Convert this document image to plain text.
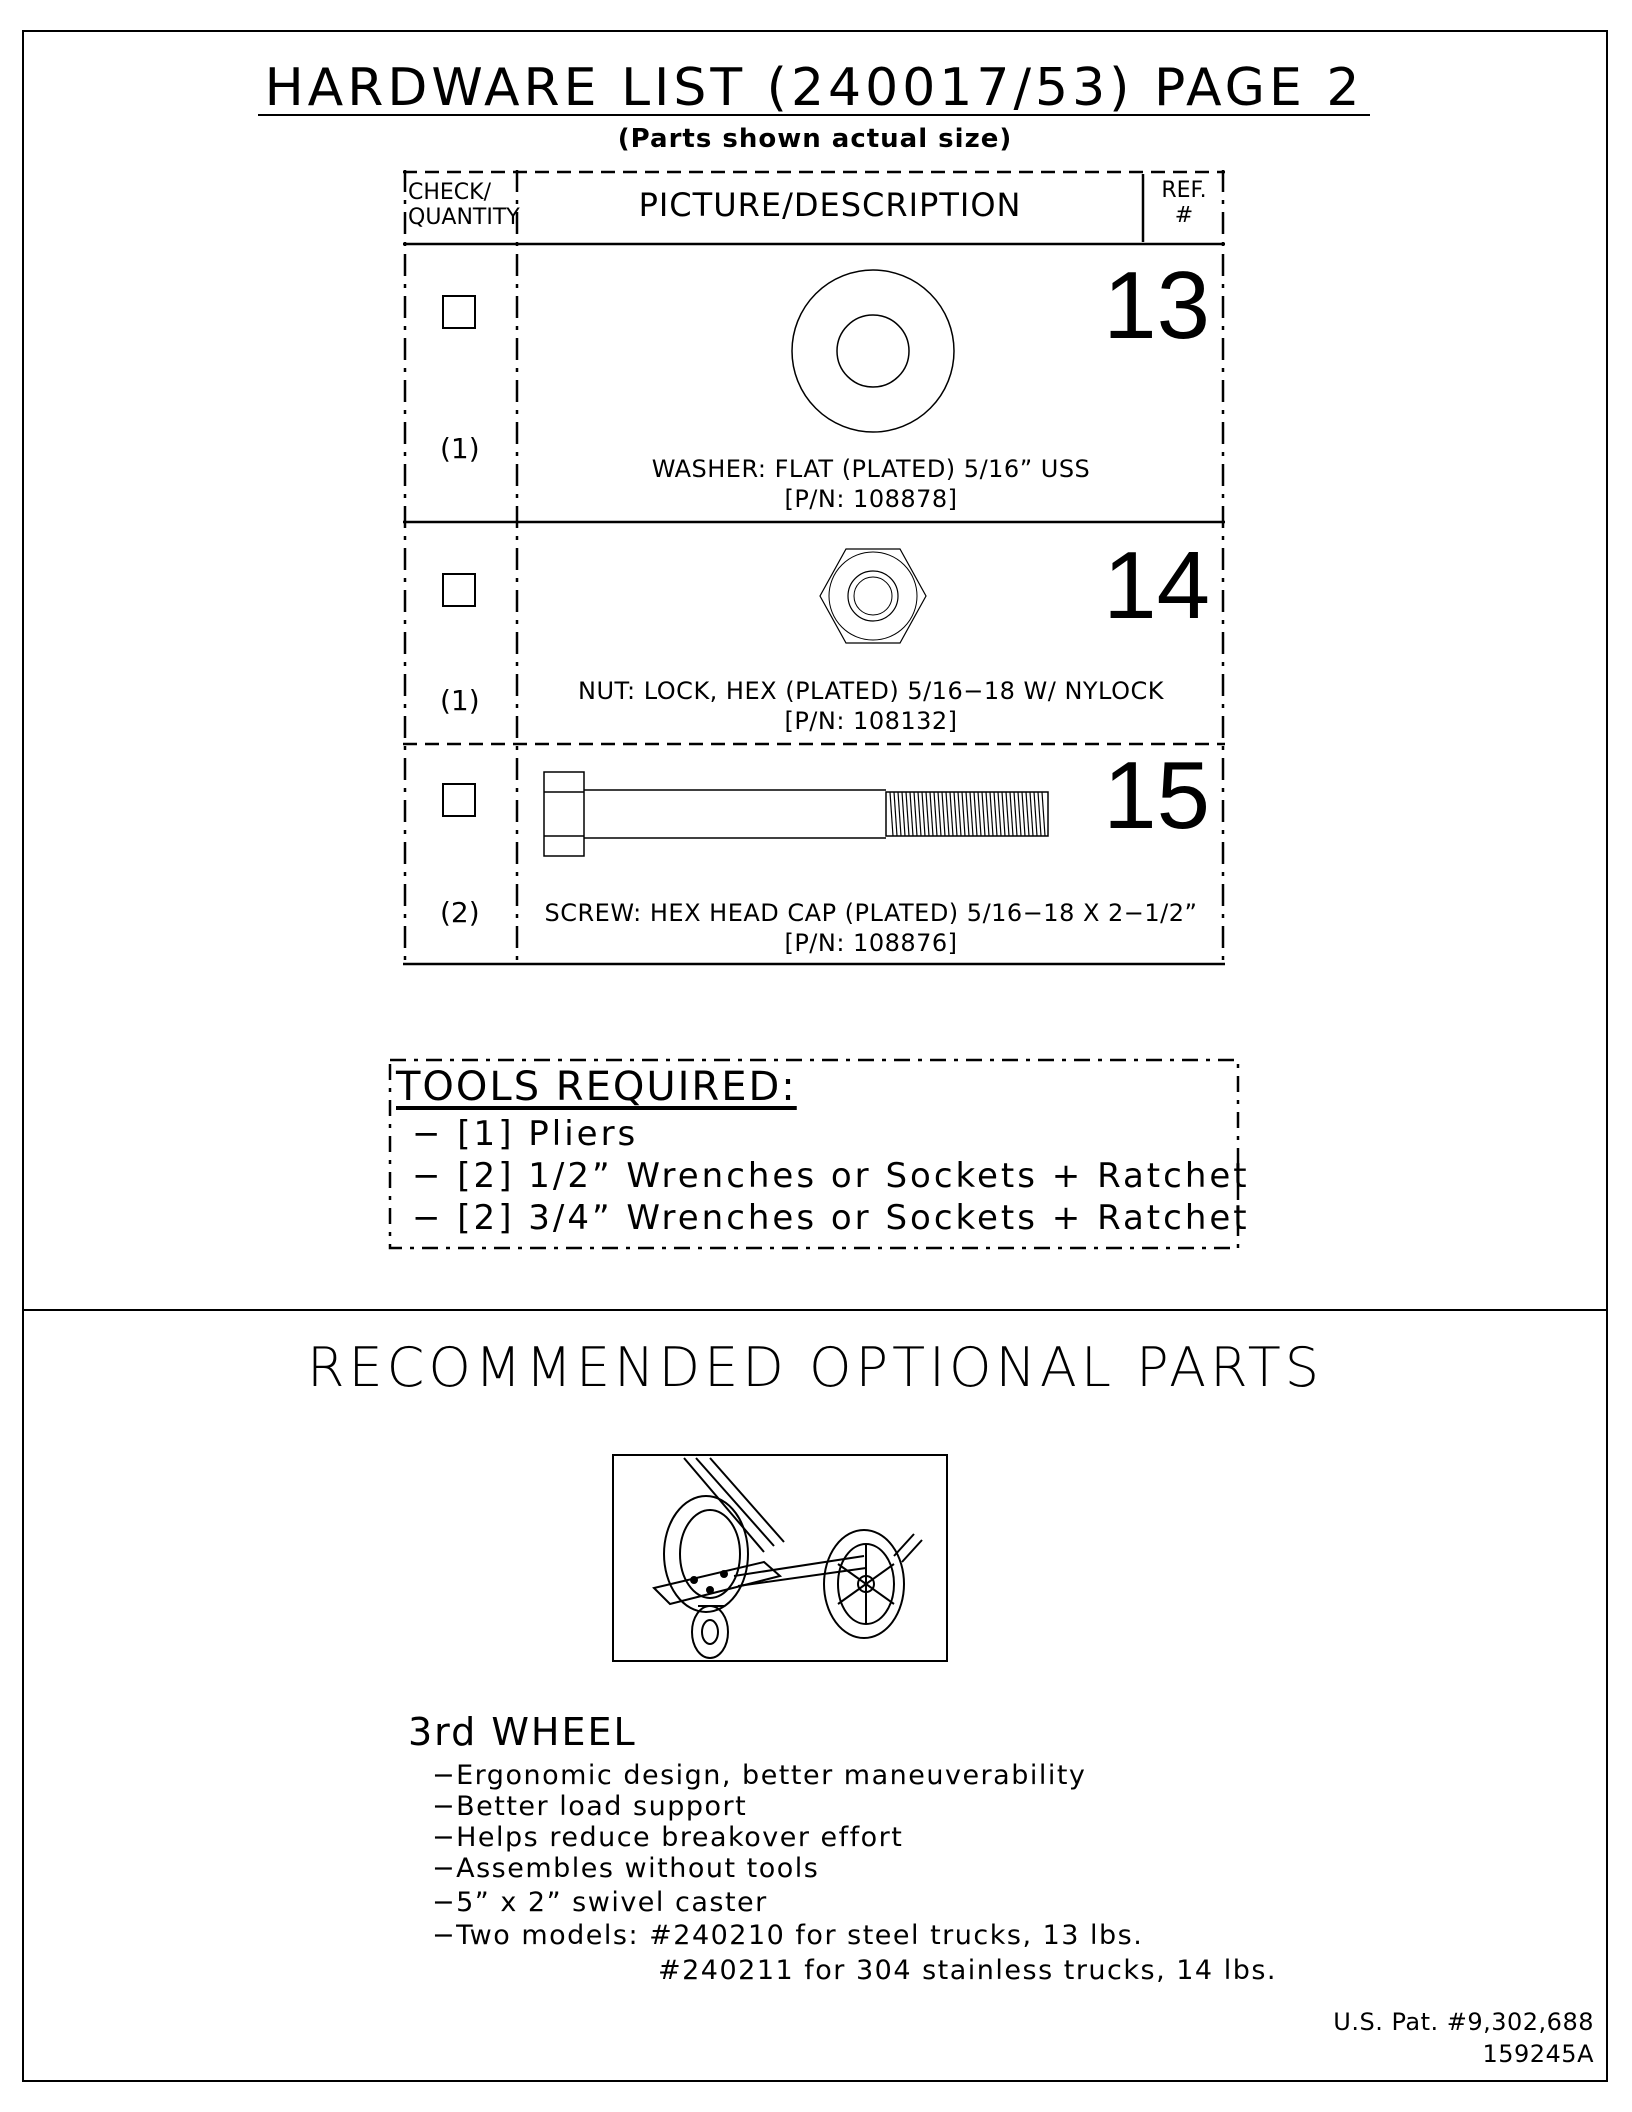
HARDWARE LIST (240017/53) PAGE 2
(Parts shown actual size)
CHECK/
QUANTITY	PICTURE/DESCRIPTION	REF.
#
(1)
13
WASHER: FLAT (PLATED) 5/16” USS
[P/N: 108878]
(1)
14
NUT: LOCK, HEX (PLATED) 5/16−18 W/ NYLOCK
[P/N: 108132]
(2)
15
SCREW: HEX HEAD CAP (PLATED) 5/16−18 X 2−1/2”
[P/N: 108876]
TOOLS REQUIRED:
− [1] Pliers
− [2] 1/2” Wrenches or Sockets + Ratchet
− [2] 3/4” Wrenches or Sockets + Ratchet
RECOMMENDED OPTIONAL PARTS
3rd WHEEL
−Ergonomic design, better maneuverability
−Better load support
−Helps reduce breakover effort
−Assembles without tools
−5” x 2” swivel caster
−Two models: #240210 for steel trucks, 13 lbs.
#240211 for 304 stainless trucks, 14 lbs.
U.S. Pat. #9,302,688
159245A
